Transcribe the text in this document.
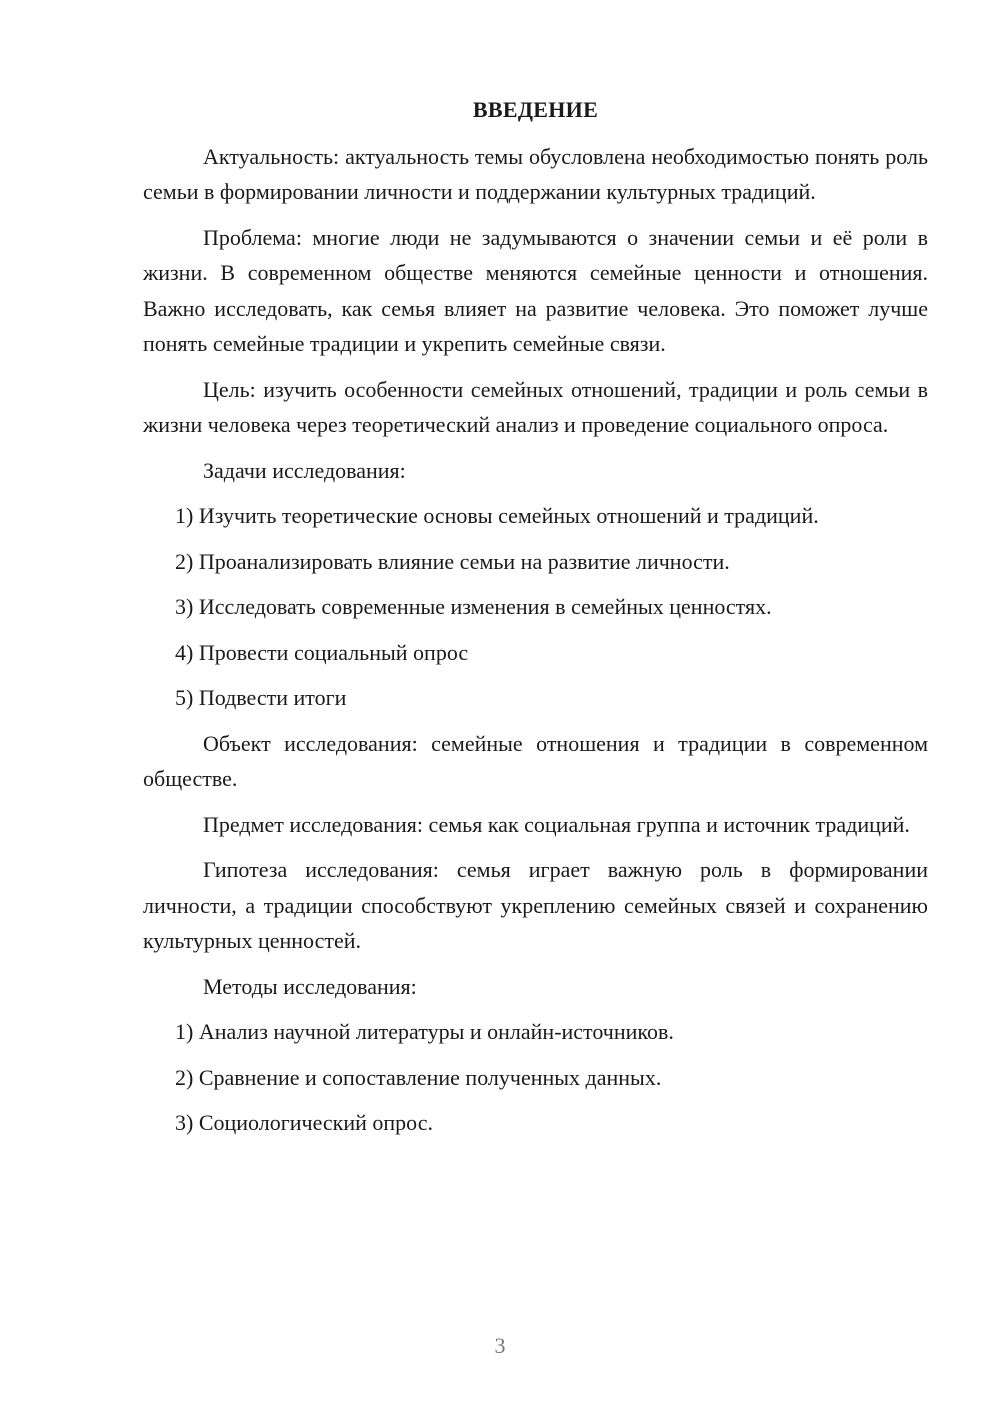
ВВЕДЕНИЕ

Актуальность: актуальность темы обусловлена необходимостью понять роль семьи в формировании личности и поддержании культурных традиций.

Проблема: многие люди не задумываются о значении семьи и её роли в жизни. В современном обществе меняются семейные ценности и отношения. Важно исследовать, как семья влияет на развитие человека. Это поможет лучше понять семейные традиции и укрепить семейные связи.

Цель: изучить особенности семейных отношений, традиции и роль семьи в жизни человека через теоретический анализ и проведение социального опроса.

Задачи исследования:

1) Изучить теоретические основы семейных отношений и традиций.

2) Проанализировать влияние семьи на развитие личности.

3) Исследовать современные изменения в семейных ценностях.

4) Провести социальный опрос

5) Подвести итоги

Объект исследования: семейные отношения и традиции в современном обществе.

Предмет исследования: семья как социальная группа и источник традиций.

Гипотеза исследования: семья играет важную роль в формировании личности, а традиции способствуют укреплению семейных связей и сохранению культурных ценностей.

Методы исследования:

1) Анализ научной литературы и онлайн-источников.

2) Сравнение и сопоставление полученных данных.

3) Социологический опрос.

3
